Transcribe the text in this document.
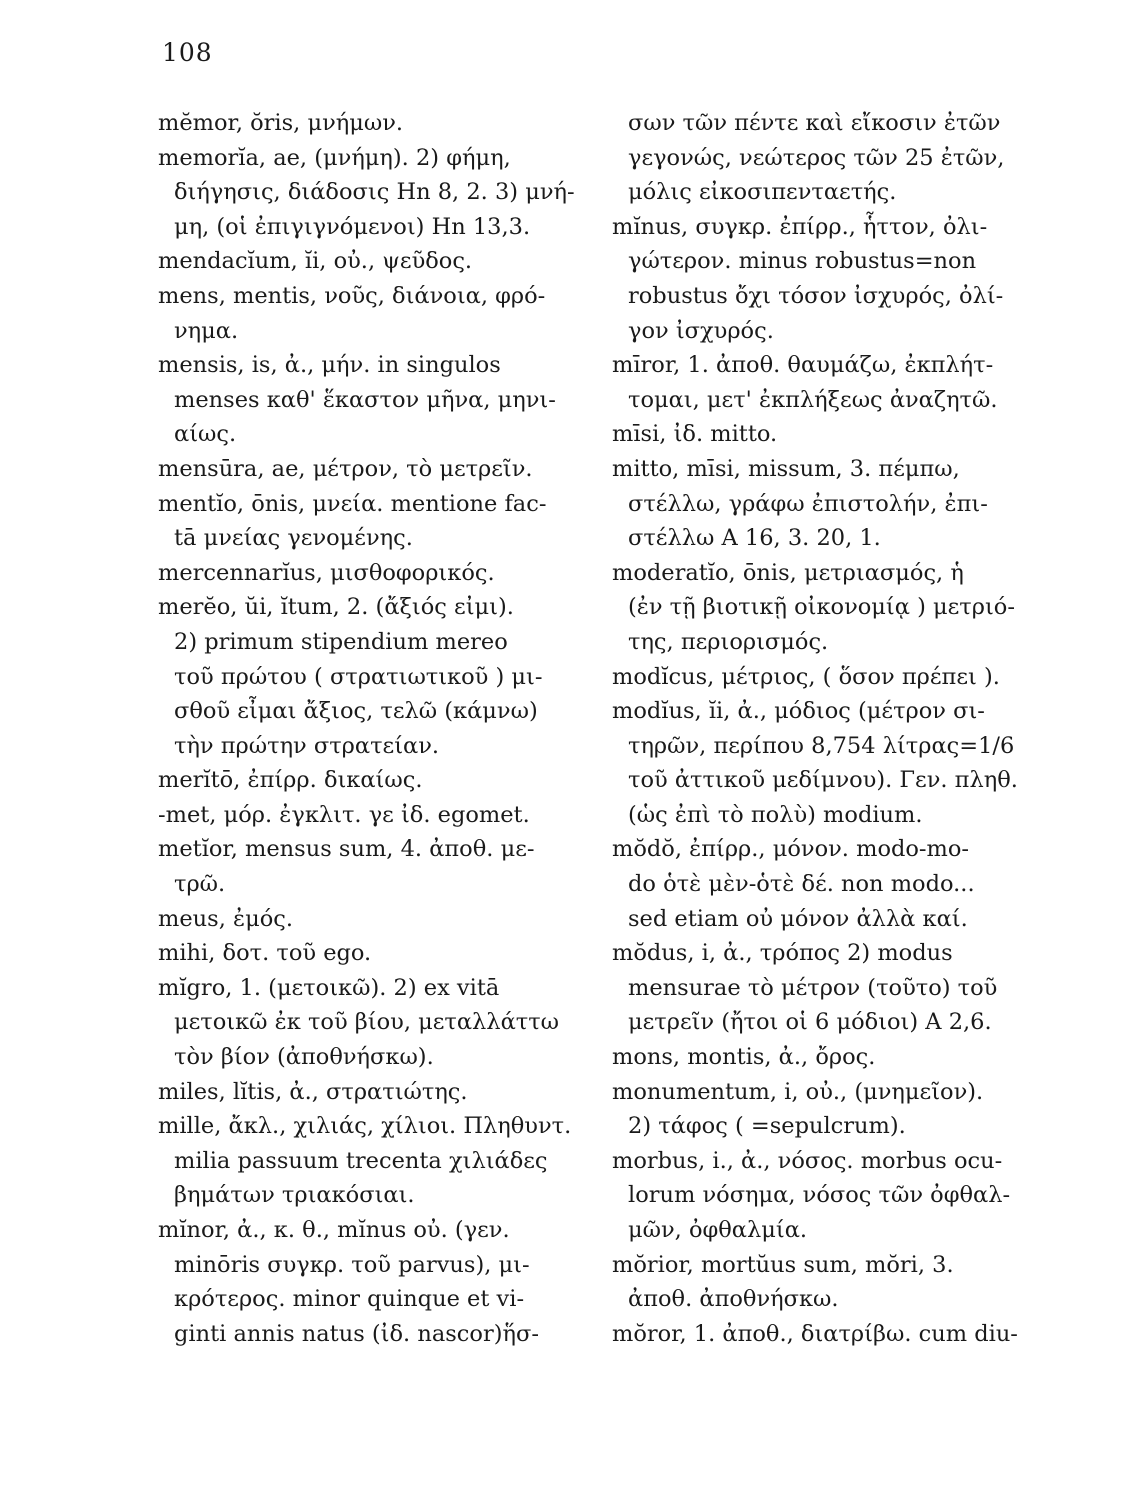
108
mĕmor, ŏris, μνήμων.
memorĭa, ae, (μνήμη). 2) φήμη,
διήγησις, διάδοσις Hn 8, 2. 3) μνή-
μη, (οἱ ἐπιγιγνόμενοι) Hn 13,3.
mendacĭum, ĭi, οὐ., ψεῦδος.
mens, mentis, νοῦς, διάνοια, φρό-
νημα.
mensis, is, ἀ., μήν. in singulos
menses καθ' ἕκαστον μῆνα, μηνι-
αίως.
mensūra, ae, μέτρον, τὸ μετρεῖν.
mentĭo, ōnis, μνεία. mentione fac-
tā μνείας γενομένης.
mercennarĭus, μισθοφορικός.
merĕo, ŭi, ĭtum, 2. (ἄξιός εἰμι).
2) primum stipendium mereo
τοῦ πρώτου ( στρατιωτικοῦ ) μι-
σθοῦ εἶμαι ἄξιος, τελῶ (κάμνω)
τὴν πρώτην στρατείαν.
merĭtō, ἐπίρρ. δικαίως.
-met, μόρ. ἐγκλιτ. γε ἰδ. egomet.
metĭor, mensus sum, 4. ἀποθ. με-
τρῶ.
meus, ἐμός.
mihi, δοτ. τοῦ ego.
mĭgro, 1. (μετοικῶ). 2) ex vitā
μετοικῶ ἐκ τοῦ βίου, μεταλλάττω
τὸν βίον (ἀποθνήσκω).
miles, lĭtis, ἀ., στρατιώτης.
mille, ἄκλ., χιλιάς, χίλιοι. Πληθυντ.
milia passuum trecenta χιλιάδες
βημάτων τριακόσιαι.
mĭnor, ἀ., κ. θ., mĭnus οὐ. (γεν.
minōris συγκρ. τοῦ parvus), μι-
κρότερος. minor quinque et vi-
ginti annis natus (ἰδ. nascor)ἥσ-
σων τῶν πέντε καὶ εἴκοσιν ἐτῶν
γεγονώς, νεώτερος τῶν 25 ἐτῶν,
μόλις εἰκοσιπενταετής.
mĭnus, συγκρ. ἐπίρρ., ἧττον, ὀλι-
γώτερον. minus robustus=non
robustus ὄχι τόσον ἰσχυρός, ὀλί-
γον ἰσχυρός.
mīror, 1. ἀποθ. θαυμάζω, ἐκπλήτ-
τομαι, μετ' ἐκπλήξεως ἀναζητῶ.
mīsi, ἰδ. mitto.
mitto, mīsi, missum, 3. πέμπω,
στέλλω, γράφω ἐπιστολήν, ἐπι-
στέλλω Α 16, 3. 20, 1.
moderatĭo, ōnis, μετριασμός, ἡ
(ἐν τῇ βιοτικῇ οἰκονομίᾳ ) μετριό-
της, περιορισμός.
modĭcus, μέτριος, ( ὅσον πρέπει ).
modĭus, ĭi, ἀ., μόδιος (μέτρον σι-
τηρῶν, περίπου 8,754 λίτρας=1/6
τοῦ ἀττικοῦ μεδίμνου). Γεν. πληθ.
(ὡς ἐπὶ τὸ πολὺ) modium.
mŏdŏ, ἐπίρρ., μόνον. modo-mo-
do ὁτὲ μὲν-ὁτὲ δέ. non modo...
sed etiam οὐ μόνον ἀλλὰ καί.
mŏdus, i, ἀ., τρόπος 2) modus
mensurae τὸ μέτρον (τοῦτο) τοῦ
μετρεῖν (ἤτοι οἱ 6 μόδιοι) Α 2,6.
mons, montis, ἀ., ὄρος.
monumentum, i, οὐ., (μνημεῖον).
2) τάφος ( =sepulcrum).
morbus, i., ἀ., νόσος. morbus ocu-
lorum νόσημα, νόσος τῶν ὀφθαλ-
μῶν, ὀφθαλμία.
mŏrior, mortŭus sum, mŏri, 3.
ἀποθ. ἀποθνήσκω.
mŏror, 1. ἀποθ., διατρίβω. cum diu-
